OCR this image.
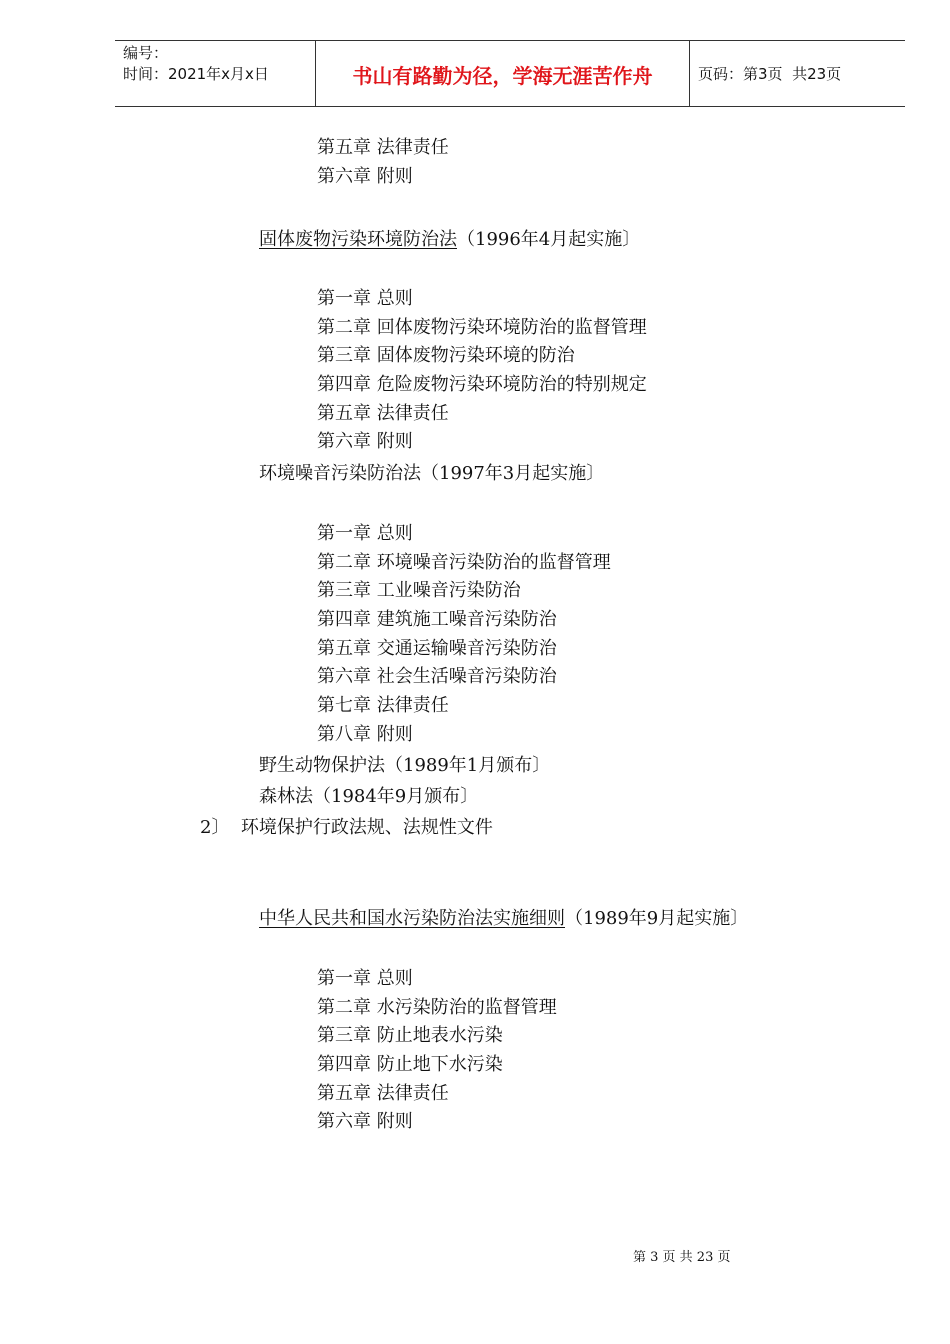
编号：
时间：2021年x月x日	书山有路勤为径，学海无涯苦作舟	页码：第3页  共23页
第五章 法律责任
第六章 附则
固体废物污染环境防治法（1996年4月起实施〕
第一章 总则
第二章 回体废物污染环境防治的监督管理
第三章 固体废物污染环境的防治
第四章 危险废物污染环境防治的特别规定
第五章 法律责任
第六章 附则
环境噪音污染防治法（1997年3月起实施〕
第一章 总则
第二章 环境噪音污染防治的监督管理
第三章 工业噪音污染防治
第四章 建筑施工噪音污染防治
第五章 交通运输噪音污染防治
第六章 社会生活噪音污染防治
第七章 法律责任
第八章 附则
野生动物保护法（1989年1月颁布〕
森林法（1984年9月颁布〕
2〕  环境保护行政法规、法规性文件
中华人民共和国水污染防治法实施细则（1989年9月起实施〕
第一章 总则
第二章 水污染防治的监督管理
第三章 防止地表水污染
第四章 防止地下水污染
第五章 法律责任
第六章 附则
第 3 页 共 23 页
